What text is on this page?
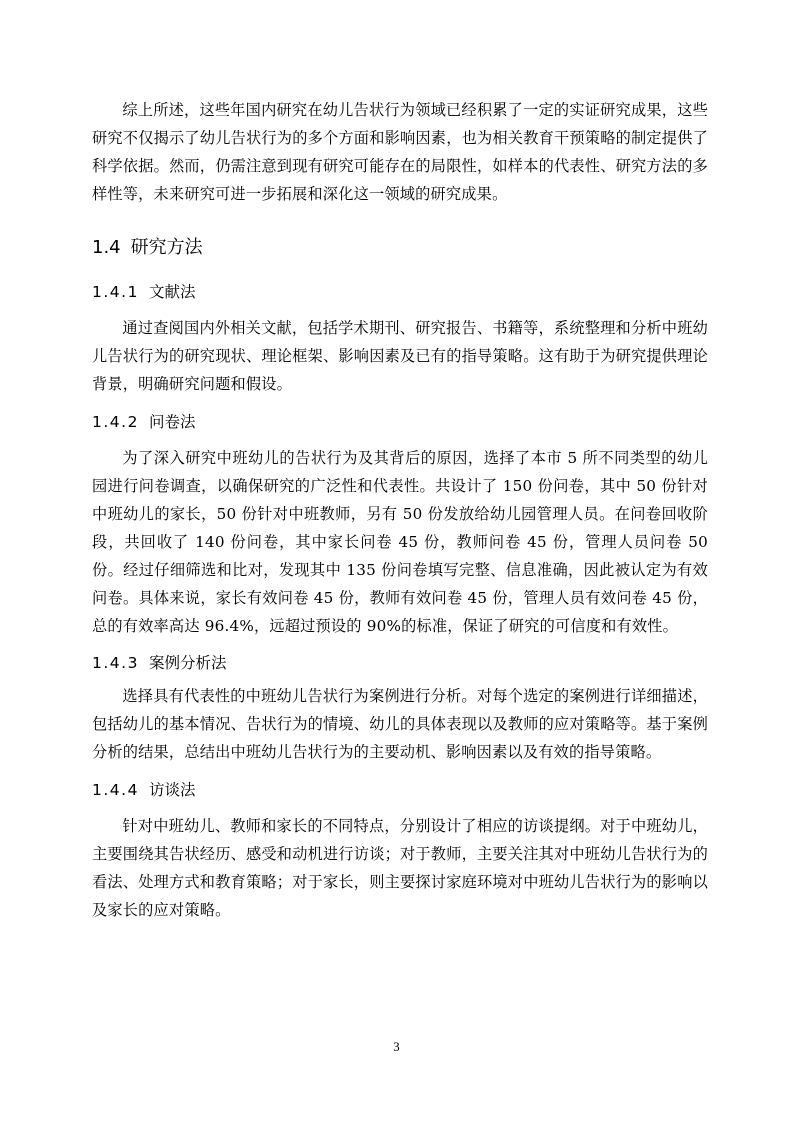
综上所述，这些年国内研究在幼儿告状行为领域已经积累了一定的实证研究成果，这些研究不仅揭示了幼儿告状行为的多个方面和影响因素，也为相关教育干预策略的制定提供了科学依据。然而，仍需注意到现有研究可能存在的局限性，如样本的代表性、研究方法的多样性等，未来研究可进一步拓展和深化这一领域的研究成果。

1.4 研究方法
1.4.1 文献法

通过查阅国内外相关文献，包括学术期刊、研究报告、书籍等，系统整理和分析中班幼儿告状行为的研究现状、理论框架、影响因素及已有的指导策略。这有助于为研究提供理论背景，明确研究问题和假设。

1.4.2 问卷法

为了深入研究中班幼儿的告状行为及其背后的原因，选择了本市 5 所不同类型的幼儿园进行问卷调查，以确保研究的广泛性和代表性。共设计了 150 份问卷，其中 50 份针对中班幼儿的家长，50 份针对中班教师，另有 50 份发放给幼儿园管理人员。在问卷回收阶段，共回收了 140 份问卷，其中家长问卷 45 份，教师问卷 45 份，管理人员问卷 50 份。经过仔细筛选和比对，发现其中 135 份问卷填写完整、信息准确，因此被认定为有效问卷。具体来说，家长有效问卷 45 份，教师有效问卷 45 份，管理人员有效问卷 45 份，总的有效率高达 96.4%，远超过预设的 90%的标准，保证了研究的可信度和有效性。

1.4.3 案例分析法

选择具有代表性的中班幼儿告状行为案例进行分析。对每个选定的案例进行详细描述，包括幼儿的基本情况、告状行为的情境、幼儿的具体表现以及教师的应对策略等。基于案例分析的结果，总结出中班幼儿告状行为的主要动机、影响因素以及有效的指导策略。

1.4.4 访谈法

针对中班幼儿、教师和家长的不同特点，分别设计了相应的访谈提纲。对于中班幼儿，主要围绕其告状经历、感受和动机进行访谈；对于教师，主要关注其对中班幼儿告状行为的看法、处理方式和教育策略；对于家长，则主要探讨家庭环境对中班幼儿告状行为的影响以及家长的应对策略。

3
